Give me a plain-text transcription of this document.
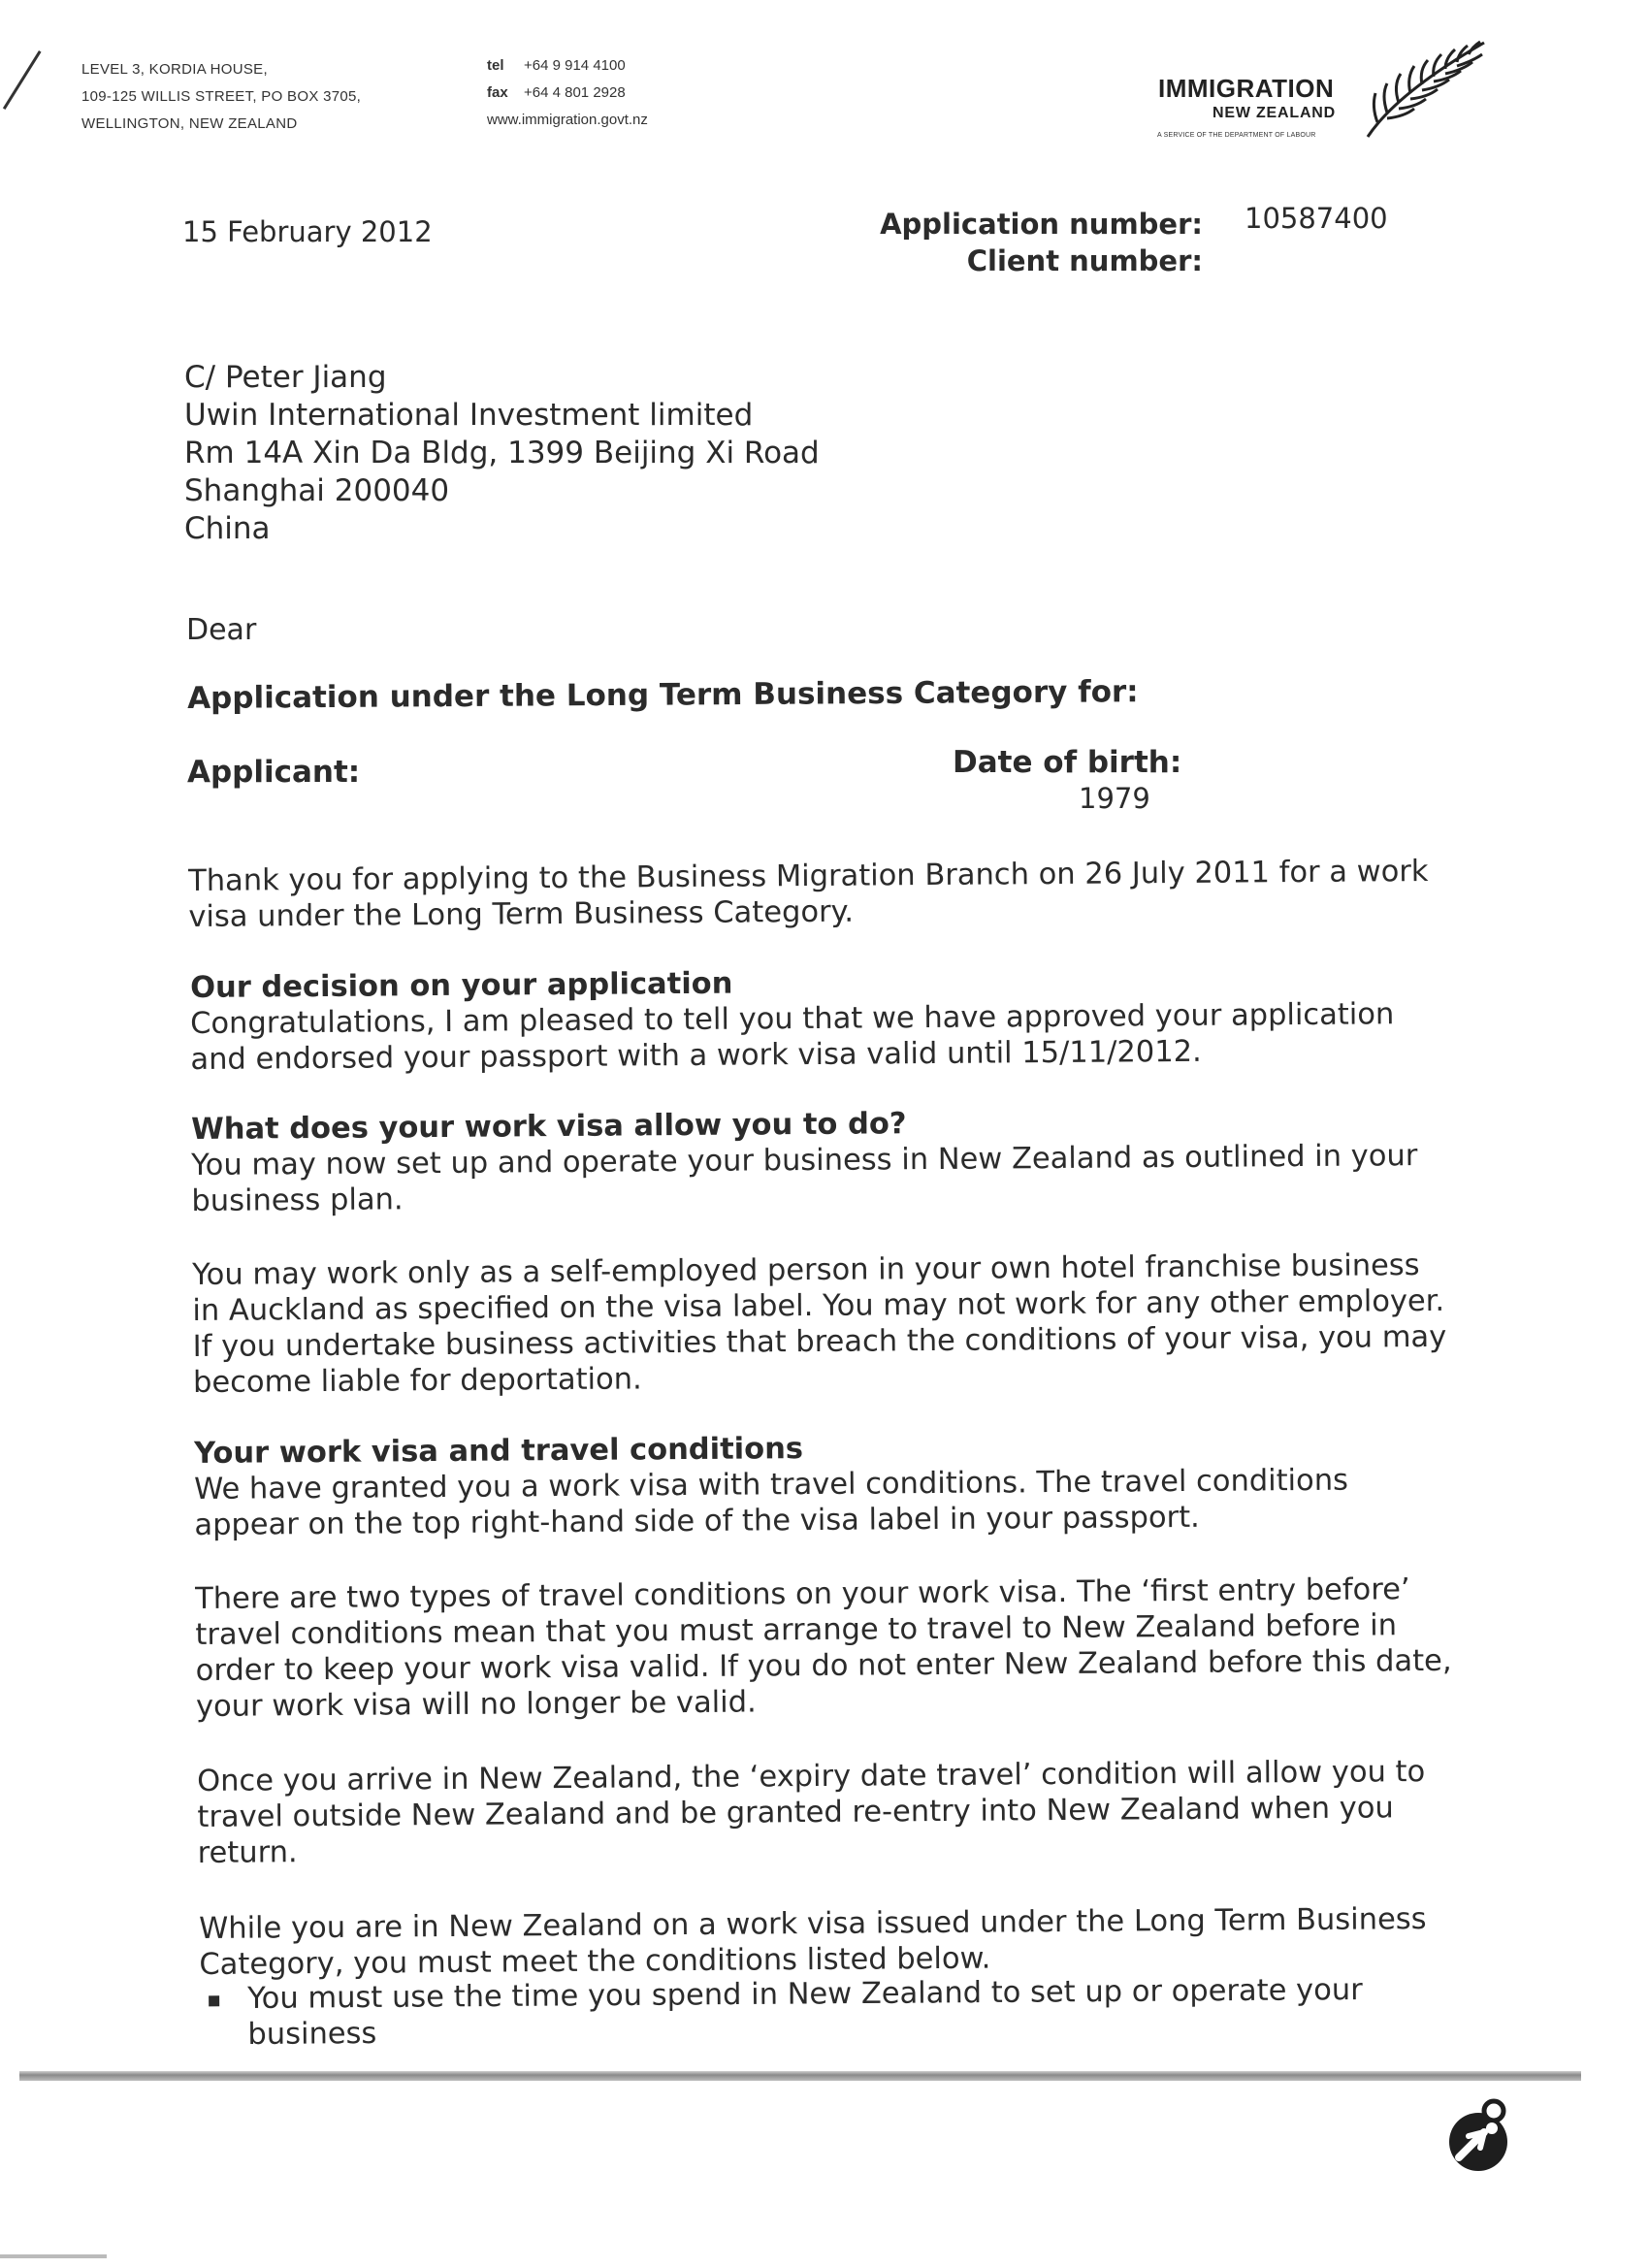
LEVEL 3, KORDIA HOUSE,
109-125 WILLIS STREET, PO BOX 3705,
WELLINGTON, NEW ZEALAND
tel +64 9 914 4100
fax +64 4 801 2928
www.immigration.govt.nz
IMMIGRATION
NEW ZEALAND
A SERVICE OF THE DEPARTMENT OF LABOUR
15 February 2012	Application number:
Client number:
10587400
C/ Peter Jiang
Uwin International Investment limited
Rm 14A Xin Da Bldg, 1399 Beijing Xi Road
Shanghai 200040
China
Dear
Application under the Long Term Business Category for:
Applicant:	Date of birth:
1979
Thank you for applying to the Business Migration Branch on 26 July 2011 for a work visa under the Long Term Business Category.
Our decision on your application
Congratulations, I am pleased to tell you that we have approved your application and endorsed your passport with a work visa valid until 15/11/2012.
What does your work visa allow you to do?
You may now set up and operate your business in New Zealand as outlined in your business plan.
You may work only as a self-employed person in your own hotel franchise business in Auckland as specified on the visa label. You may not work for any other employer. If you undertake business activities that breach the conditions of your visa, you may become liable for deportation.
Your work visa and travel conditions
We have granted you a work visa with travel conditions. The travel conditions appear on the top right-hand side of the visa label in your passport.
There are two types of travel conditions on your work visa. The ‘first entry before’ travel conditions mean that you must arrange to travel to New Zealand before in order to keep your work visa valid. If you do not enter New Zealand before this date, your work visa will no longer be valid.
Once you arrive in New Zealand, the ‘expiry date travel’ condition will allow you to travel outside New Zealand and be granted re-entry into New Zealand when you return.
While you are in New Zealand on a work visa issued under the Long Term Business Category, you must meet the conditions listed below.
You must use the time you spend in New Zealand to set up or operate your business
